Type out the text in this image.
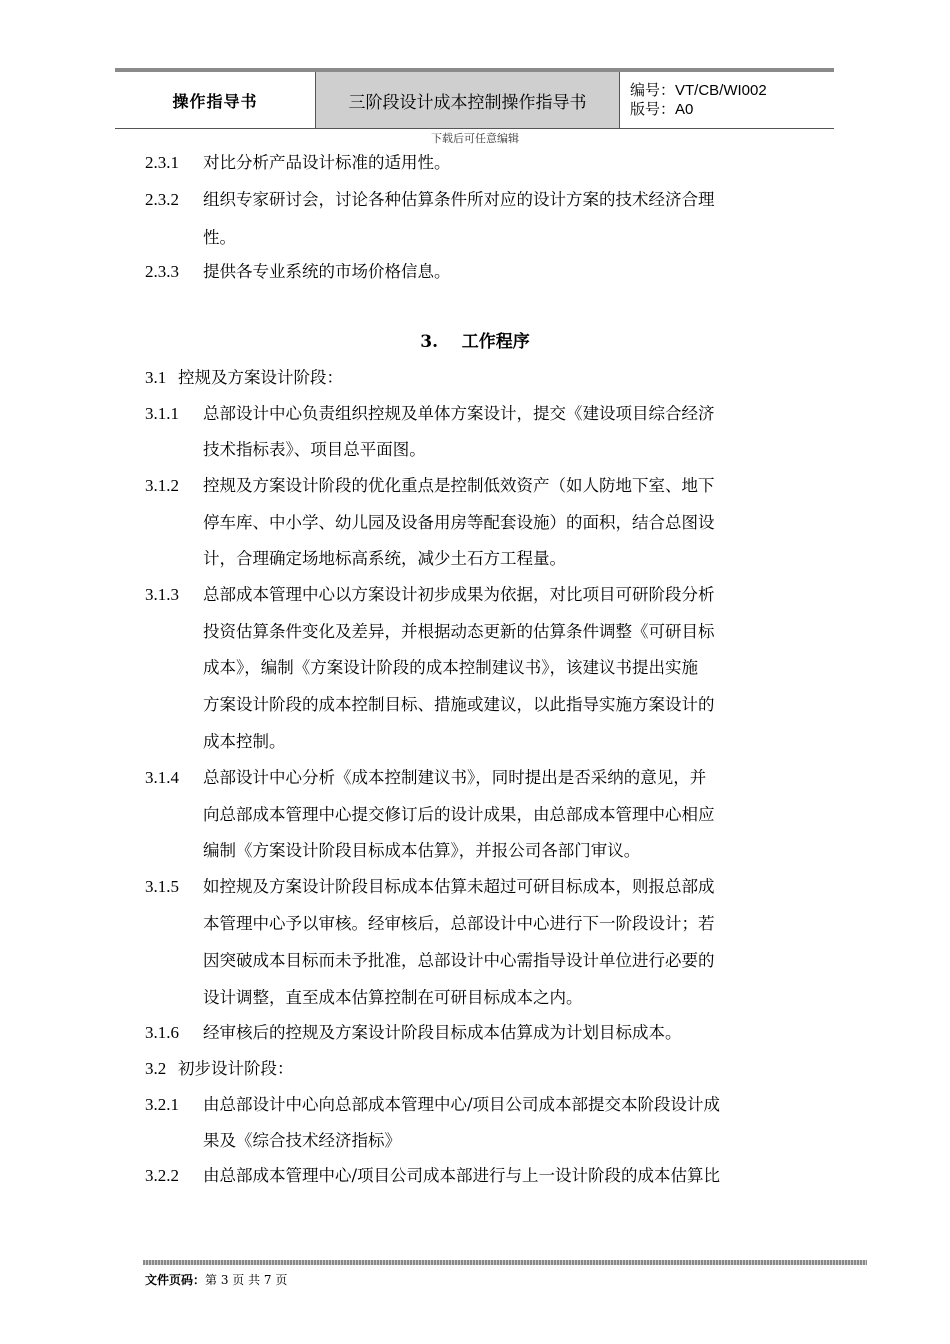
操作指导书	三阶段设计成本控制操作指导书
编号：VT/CB/WI002
版号：A0
下载后可任意编辑
2.3.1 对比分析产品设计标准的适用性。
2.3.2 组织专家研讨会，讨论各种估算条件所对应的设计方案的技术经济合理
性。
2.3.3 提供各专业系统的市场价格信息。
3. 工作程序
3.1 控规及方案设计阶段：
3.1.1 总部设计中心负责组织控规及单体方案设计，提交《建设项目综合经济
技术指标表》、项目总平面图。
3.1.2 控规及方案设计阶段的优化重点是控制低效资产（如人防地下室、地下
停车库、中小学、幼儿园及设备用房等配套设施）的面积，结合总图设
计，合理确定场地标高系统，减少土石方工程量。
3.1.3 总部成本管理中心以方案设计初步成果为依据，对比项目可研阶段分析
投资估算条件变化及差异，并根据动态更新的估算条件调整《可研目标
成本》，编制《方案设计阶段的成本控制建议书》，该建议书提出实施
方案设计阶段的成本控制目标、措施或建议，以此指导实施方案设计的
成本控制。
3.1.4 总部设计中心分析《成本控制建议书》，同时提出是否采纳的意见，并
向总部成本管理中心提交修订后的设计成果，由总部成本管理中心相应
编制《方案设计阶段目标成本估算》，并报公司各部门审议。
3.1.5 如控规及方案设计阶段目标成本估算未超过可研目标成本，则报总部成
本管理中心予以审核。经审核后，总部设计中心进行下一阶段设计；若
因突破成本目标而未予批准，总部设计中心需指导设计单位进行必要的
设计调整，直至成本估算控制在可研目标成本之内。
3.1.6 经审核后的控规及方案设计阶段目标成本估算成为计划目标成本。
3.2 初步设计阶段：
3.2.1 由总部设计中心向总部成本管理中心/项目公司成本部提交本阶段设计成
果及《综合技术经济指标》
3.2.2 由总部成本管理中心/项目公司成本部进行与上一设计阶段的成本估算比
文件页码：第 3 页 共 7 页
